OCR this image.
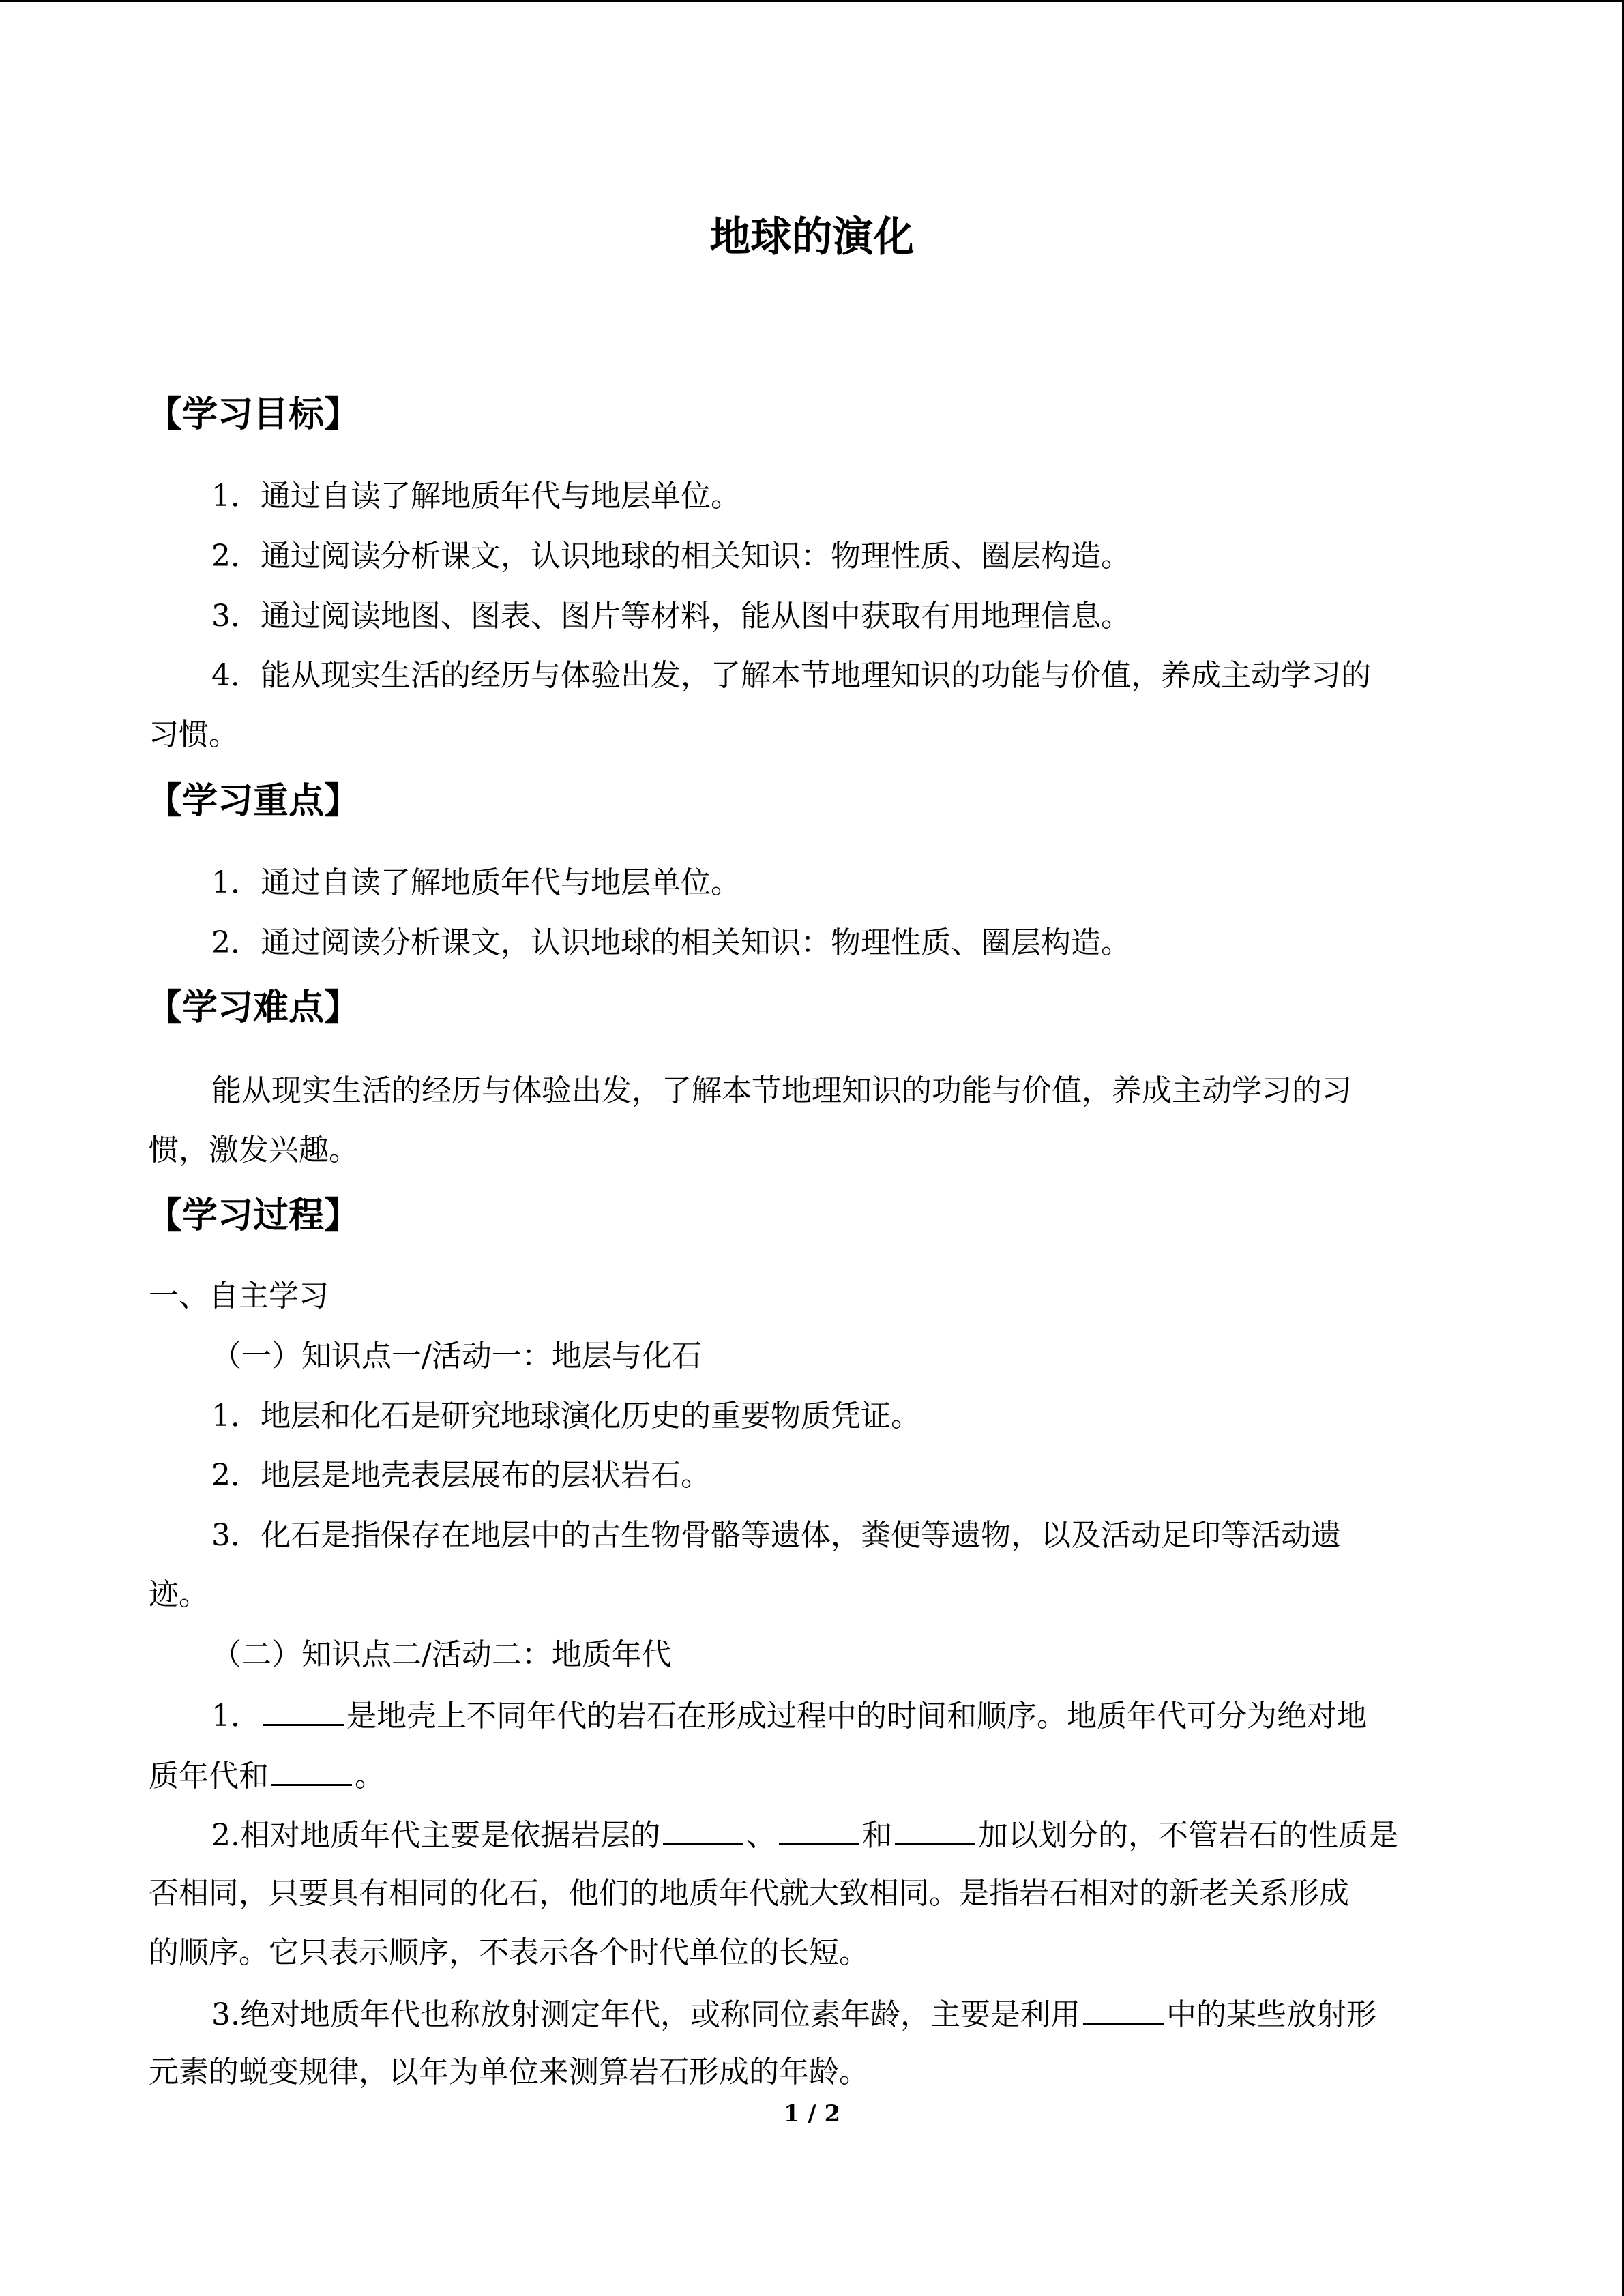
地球的演化
【学习目标】
1．通过自读了解地质年代与地层单位。
2．通过阅读分析课文，认识地球的相关知识：物理性质、圈层构造。
3．通过阅读地图、图表、图片等材料，能从图中获取有用地理信息。
4．能从现实生活的经历与体验出发，了解本节地理知识的功能与价值，养成主动学习的
习惯。
【学习重点】
1．通过自读了解地质年代与地层单位。
2．通过阅读分析课文，认识地球的相关知识：物理性质、圈层构造。
【学习难点】
能从现实生活的经历与体验出发，了解本节地理知识的功能与价值，养成主动学习的习
惯，激发兴趣。
【学习过程】
一、自主学习
（一）知识点一/活动一：地层与化石
1．地层和化石是研究地球演化历史的重要物质凭证。
2．地层是地壳表层展布的层状岩石。
3．化石是指保存在地层中的古生物骨骼等遗体，粪便等遗物，以及活动足印等活动遗
迹。
（二）知识点二/活动二：地质年代
1．	是地壳上不同年代的岩石在形成过程中的时间和顺序。地质年代可分为绝对地
质年代和	。
2.相对地质年代主要是依据岩层的	、	和	加以划分的，不管岩石的性质是
否相同，只要具有相同的化石，他们的地质年代就大致相同。是指岩石相对的新老关系形成
的顺序。它只表示顺序，不表示各个时代单位的长短。
3.绝对地质年代也称放射测定年代，或称同位素年龄，主要是利用	中的某些放射形
元素的蜕变规律，以年为单位来测算岩石形成的年龄。
1 / 2
